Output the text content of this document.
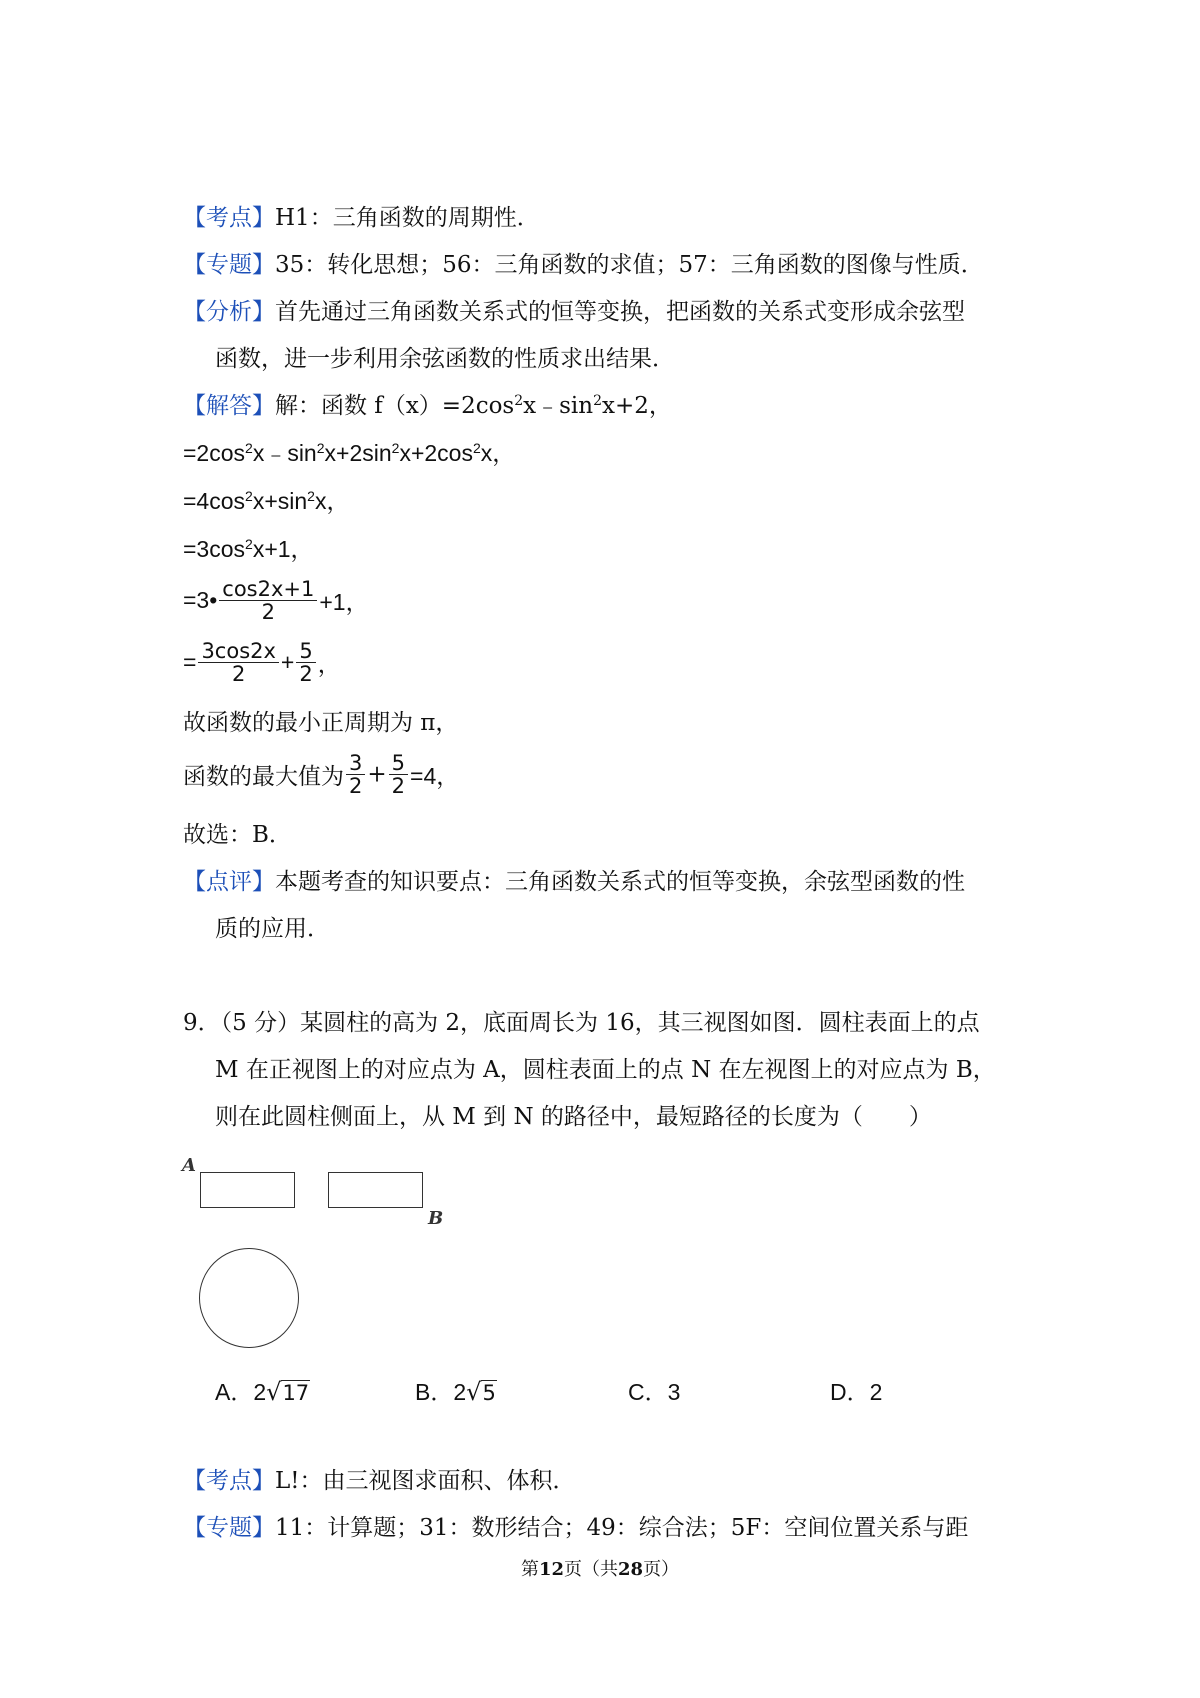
【考点】H1：三角函数的周期性．
【专题】35：转化思想；56：三角函数的求值；57：三角函数的图像与性质．
【分析】首先通过三角函数关系式的恒等变换，把函数的关系式变形成余弦型
函数，进一步利用余弦函数的性质求出结果．
【解答】解：函数 $f(x)=2\cos^2x﹣\sin^2x+2$，
$=2\cos^2x﹣\sin^2x+2\sin^2x+2\cos^2x$，
$=4\cos^2x+\sin^2x$，
$=3\cos^2x+1$，
=3• $\frac{\cos 2x+1}{2} +1$，
= $\frac{3\cos 2x}{2} + \frac{5}{2}$ ，
故函数的最小正周期为 π，
函数的最大值为 $\frac{3}{2} + \frac{5}{2} =4$，
故选：B．
【点评】本题考查的知识要点：三角函数关系式的恒等变换，余弦型函数的性
质的应用．
9．（5 分）某圆柱的高为 2，底面周长为 16，其三视图如图．圆柱表面上的点
M 在正视图上的对应点为 A，圆柱表面上的点 N 在左视图上的对应点为 B，
则在此圆柱侧面上，从 M 到 N 的路径中，最短路径的长度为（　　）
A
B
A．2√17	B．2√5	C．3	D．2
【考点】L!：由三视图求面积、体积．
【专题】11：计算题；31：数形结合；49：综合法；5F：空间位置关系与距
第12页（共28页）
